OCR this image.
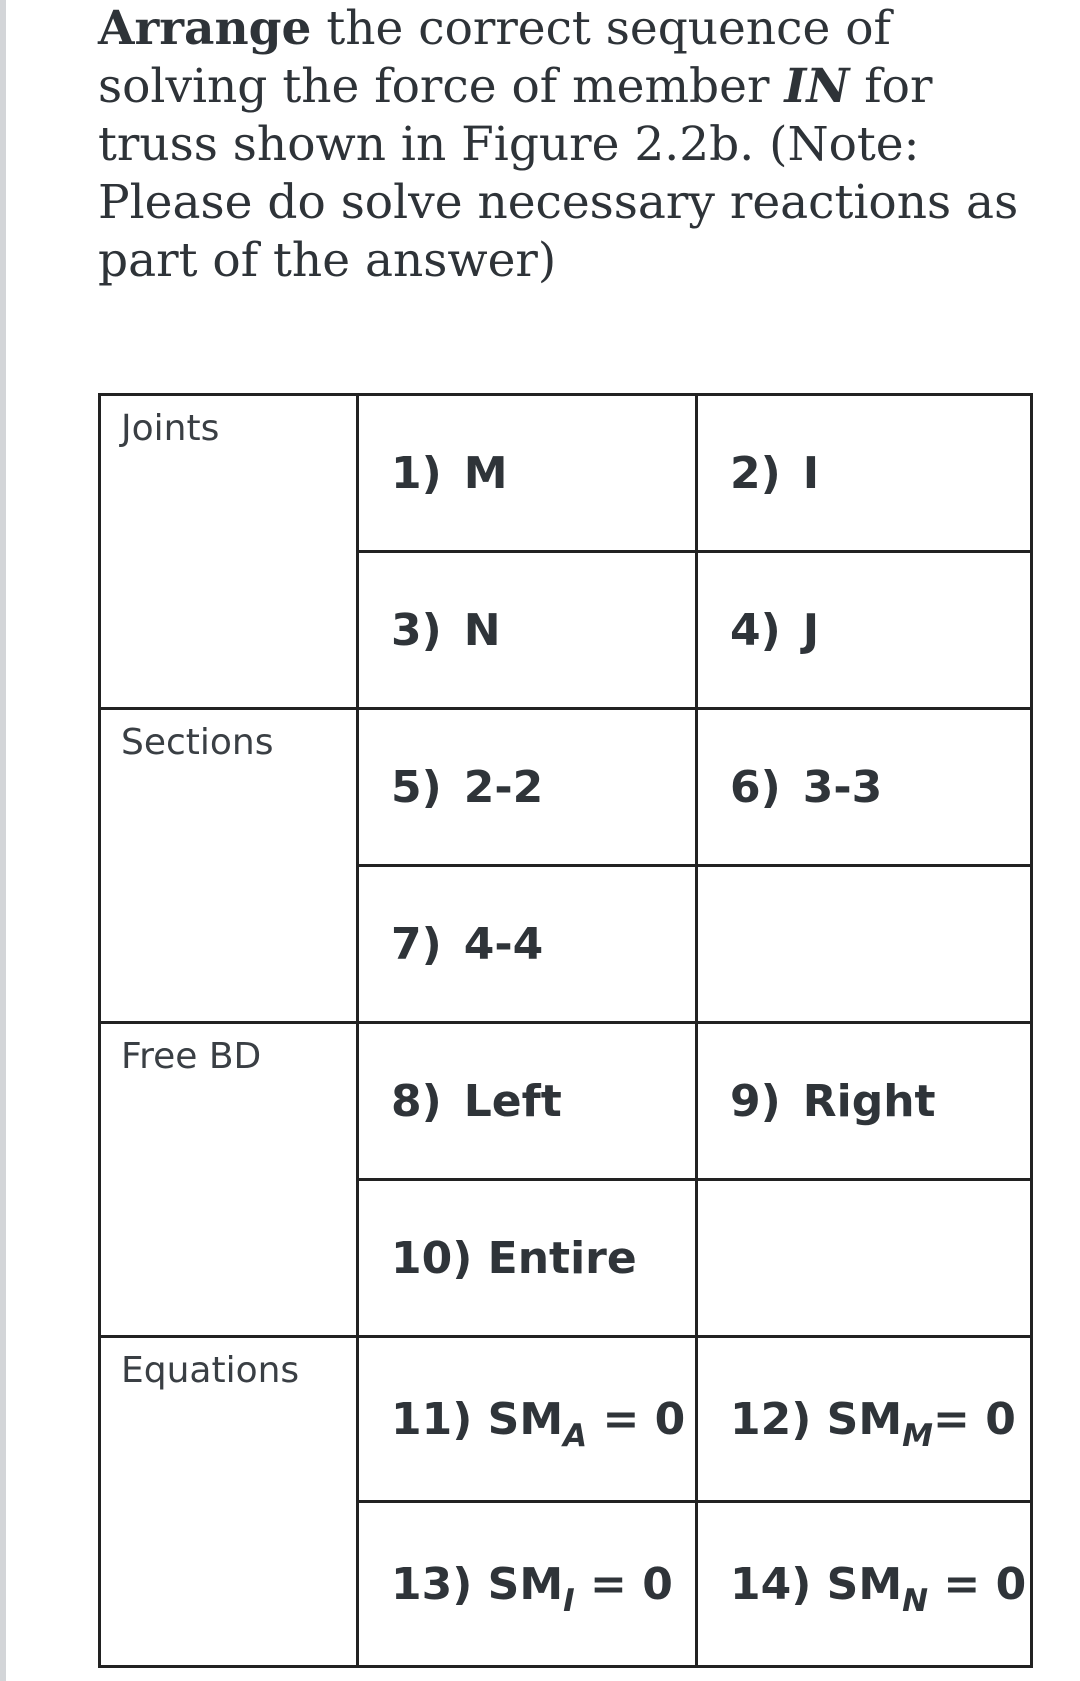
Arrange the correct sequence of solving the force of member IN for truss shown in Figure 2.2b. (Note: Please do solve necessary reactions as part of the answer)

Joints	1) M	2) I
	3) N	4) J
Sections	5) 2-2	6) 3-3
	7) 4-4	
Free BD	8) Left	9) Right
	10) Entire	
Equations	11) $SM_A = 0$	12) $SM_M= 0$
	13) $SM_I = 0$	14) $SM_N = 0$
